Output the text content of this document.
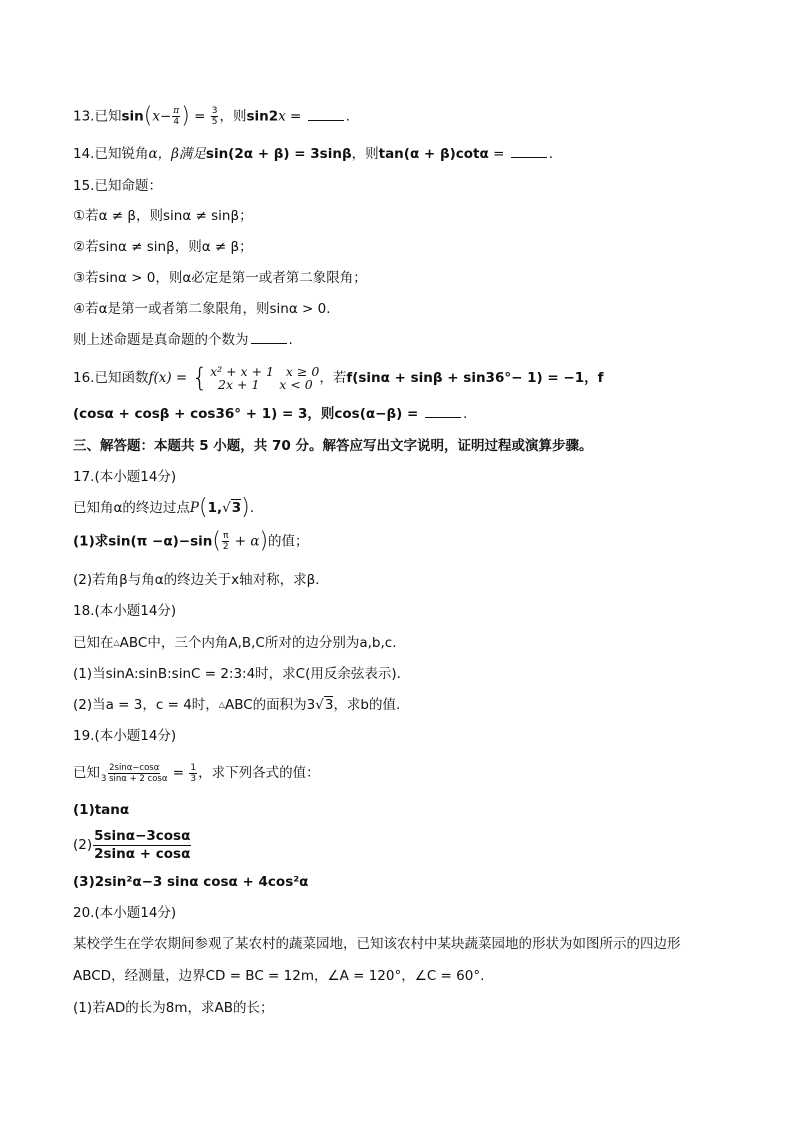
13.已知$\sin(x- \frac{\pi}{4}$ ) = $\frac{3}{5}$ ，则sin2x =	.
14.已知锐角α，β满足sin(2α + β) = 3sinβ，则tan(α + β)cotα =	.
15.已知命题：
①若α ≠ β，则sinα ≠ sinβ；
②若sinα ≠ sinβ，则α ≠ β；
③若sinα > 0，则α必定是第一或者第二象限角；
④若α是第一或者第二象限角，则sinα > 0.
则上述命题是真命题的个数为	.
16.已知函数f(x) = { x² + x + 1   x ≥ 0
2x + 1     x < 0 ，若f(sinα + sinβ + sin36°− 1) = −1，f
(cosα + cosβ + cos36° + 1) = 3，则cos(α−β) =	.
三、解答题：本题共 5 小题，共 70 分。解答应写出文字说明，证明过程或演算步骤。
17.(本小题14分)
已知角α的终边过点P(1,√3).
(1)求$\sin(\pi -\alpha)-\sin( \frac{\pi}{2} + \alpha)$的值；
(2)若角β与角α的终边关于x轴对称，求β.
18.(本小题14分)
已知在△ABC中，三个内角A,B,C所对的边分别为a,b,c.
(1)当sinA:sinB:sinC = 2:3:4时，求C(用反余弦表示).
(2)当a = 3，c = 4时，△ABC的面积为3√3，求b的值.
19.(本小题14分)
已知 $\frac{2\sin\alpha-\cos\alpha}{3 \sin\alpha + 2 \cos\alpha} = \frac{1}{3}$ ，求下列各式的值：
(1)tanα
$(2) \frac{5\sin\alpha-3\cos\alpha}{2\sin\alpha + \cos\alpha}$
(3)2sin²α−3 sinα cosα + 4cos²α
20.(本小题14分)
某校学生在学农期间参观了某农村的蔬菜园地，已知该农村中某块蔬菜园地的形状为如图所示的四边形
ABCD，经测量，边界CD = BC = 12m，∠A = 120°，∠C = 60°.
(1)若AD的长为8m，求AB的长；
